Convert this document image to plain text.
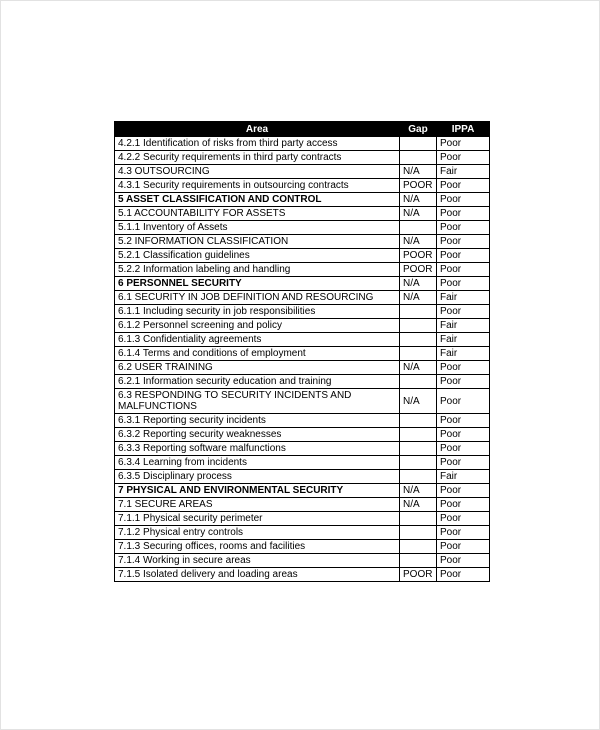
Area	Gap	IPPA
4.2.1 Identification of risks from third party access		Poor
4.2.2 Security requirements in third party contracts		Poor
4.3 OUTSOURCING	N/A	Fair
4.3.1 Security requirements in outsourcing contracts	POOR	Poor
5 ASSET CLASSIFICATION AND CONTROL	N/A	Poor
5.1 ACCOUNTABILITY FOR ASSETS	N/A	Poor
5.1.1 Inventory of Assets		Poor
5.2 INFORMATION CLASSIFICATION	N/A	Poor
5.2.1 Classification guidelines	POOR	Poor
5.2.2 Information labeling and handling	POOR	Poor
6 PERSONNEL SECURITY	N/A	Poor
6.1 SECURITY IN JOB DEFINITION AND RESOURCING	N/A	Fair
6.1.1 Including security in job responsibilities		Poor
6.1.2 Personnel screening and policy		Fair
6.1.3 Confidentiality agreements		Fair
6.1.4 Terms and conditions of employment		Fair
6.2 USER TRAINING	N/A	Poor
6.2.1 Information security education and training		Poor
6.3 RESPONDING TO SECURITY INCIDENTS AND MALFUNCTIONS	N/A	Poor
6.3.1 Reporting security incidents		Poor
6.3.2 Reporting security weaknesses		Poor
6.3.3 Reporting software malfunctions		Poor
6.3.4 Learning from incidents		Poor
6.3.5 Disciplinary process		Fair
7 PHYSICAL AND ENVIRONMENTAL SECURITY	N/A	Poor
7.1 SECURE AREAS	N/A	Poor
7.1.1 Physical security perimeter		Poor
7.1.2 Physical entry controls		Poor
7.1.3 Securing offices, rooms and facilities		Poor
7.1.4 Working in secure areas		Poor
7.1.5 Isolated delivery and loading areas	POOR	Poor
